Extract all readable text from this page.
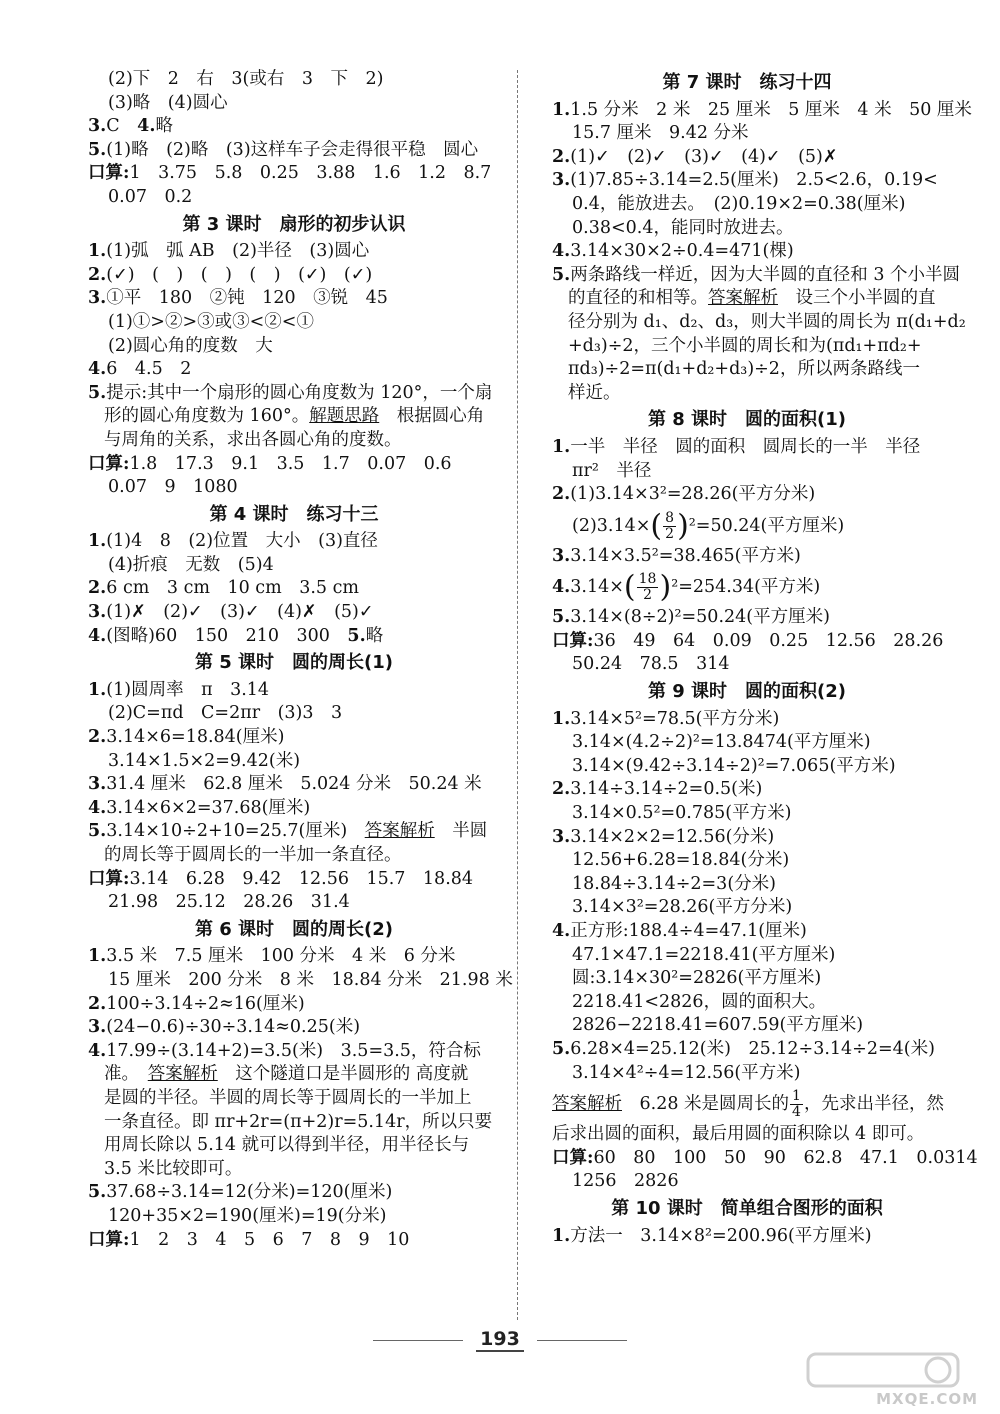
(2)下　2　右　3(或右　3　下　2)
(3)略　(4)圆心
3.C　4.略
5.(1)略　(2)略　(3)这样车子会走得很平稳　圆心
口算:1　3.75　5.8　0.25　3.88　1.6　1.2　8.7
0.07　0.2
第 3 课时　扇形的初步认识
1.(1)弧　弧 AB　(2)半径　(3)圆心
2.(✓)　(　)　(　)　(　)　(✓)　(✓)
3.①平　180　②钝　120　③锐　45
(1)①>②>③或③<②<①
(2)圆心角的度数　大
4.6　4.5　2
5.提示:其中一个扇形的圆心角度数为 120°，一个扇
形的圆心角度数为 160°。解题思路　根据圆心角
与周角的关系，求出各圆心角的度数。
口算:1.8　17.3　9.1　3.5　1.7　0.07　0.6
0.07　9　1080
第 4 课时　练习十三
1.(1)4　8　(2)位置　大小　(3)直径
(4)折痕　无数　(5)4
2.6 cm　3 cm　10 cm　3.5 cm
3.(1)✗　(2)✓　(3)✓　(4)✗　(5)✓
4.(图略)60　150　210　300　5.略
第 5 课时　圆的周长(1)
1.(1)圆周率　π　3.14
(2)C=πd　C=2πr　(3)3　3
2.3.14×6=18.84(厘米)
3.14×1.5×2=9.42(米)
3.31.4 厘米　62.8 厘米　5.024 分米　50.24 米
4.3.14×6×2=37.68(厘米)
5.3.14×10÷2+10=25.7(厘米)　答案解析　半圆
的周长等于圆周长的一半加一条直径。
口算:3.14　6.28　9.42　12.56　15.7　18.84
21.98　25.12　28.26　31.4
第 6 课时　圆的周长(2)
1.3.5 米　7.5 厘米　100 分米　4 米　6 分米
15 厘米　200 分米　8 米　18.84 分米　21.98 米
2.100÷3.14÷2≈16(厘米)
3.(24−0.6)÷30÷3.14≈0.25(米)
4.17.99÷(3.14+2)=3.5(米)　3.5=3.5，符合标
准。　答案解析　这个隧道口是半圆形的 高度就
是圆的半径。半圆的周长等于圆周长的一半加上
一条直径。即 πr+2r=(π+2)r=5.14r，所以只要
用周长除以 5.14 就可以得到半径，用半径长与
3.5 米比较即可。
5.37.68÷3.14=12(分米)=120(厘米)
120+35×2=190(厘米)=19(分米)
口算:1　2　3　4　5　6　7　8　9　10
第 7 课时　练习十四
1.1.5 分米　2 米　25 厘米　5 厘米　4 米　50 厘米
15.7 厘米　9.42 分米
2.(1)✓　(2)✓　(3)✓　(4)✓　(5)✗
3.(1)7.85÷3.14=2.5(厘米)　2.5<2.6，0.19<
0.4，能放进去。　(2)0.19×2=0.38(厘米)
0.38<0.4，能同时放进去。
4.3.14×30×2÷0.4=471(棵)
5.两条路线一样近，因为大半圆的直径和 3 个小半圆
的直径的和相等。答案解析　设三个小半圆的直
径分别为 d₁、d₂、d₃，则大半圆的周长为 π(d₁+d₂
+d₃)÷2，三个小半圆的周长和为(πd₁+πd₂+
πd₃)÷2=π(d₁+d₂+d₃)÷2，所以两条路线一
样近。
第 8 课时　圆的面积(1)
1.一半　半径　圆的面积　圆周长的一半　半径
πr²　半径
2.(1)3.14×3²=28.26(平方分米)
$(2)3.14\times( \frac{8}{2} )^2=50.24$(平方厘米)
3.3.14×3.5²=38.465(平方米)
$4.3.14\times( \frac{18}{2} )^2=254.34$(平方米)
5.3.14×(8÷2)²=50.24(平方厘米)
口算:36　49　64　0.09　0.25　12.56　28.26
50.24　78.5　314
第 9 课时　圆的面积(2)
1.3.14×5²=78.5(平方分米)
3.14×(4.2÷2)²=13.8474(平方厘米)
3.14×(9.42÷3.14÷2)²=7.065(平方米)
2.3.14÷3.14÷2=0.5(米)
3.14×0.5²=0.785(平方米)
3.3.14×2×2=12.56(分米)
12.56+6.28=18.84(分米)
18.84÷3.14÷2=3(分米)
3.14×3²=28.26(平方分米)
4.正方形:188.4÷4=47.1(厘米)
47.1×47.1=2218.41(平方厘米)
圆:3.14×30²=2826(平方厘米)
2218.41<2826，圆的面积大。
2826−2218.41=607.59(平方厘米)
5.6.28×4=25.12(米)　25.12÷3.14÷2=4(米)
3.14×4²÷4=12.56(平方米)
答案解析　6.28 米是圆周长的 $\frac{1}{4}$ ，先求出半径，然
后求出圆的面积，最后用圆的面积除以 4 即可。
口算:60　80　100　50　90　62.8　47.1　0.0314
1256　2826
第 10 课时　简单组合图形的面积
1.方法一　3.14×8²=200.96(平方厘米)
193
MXQE.COM
